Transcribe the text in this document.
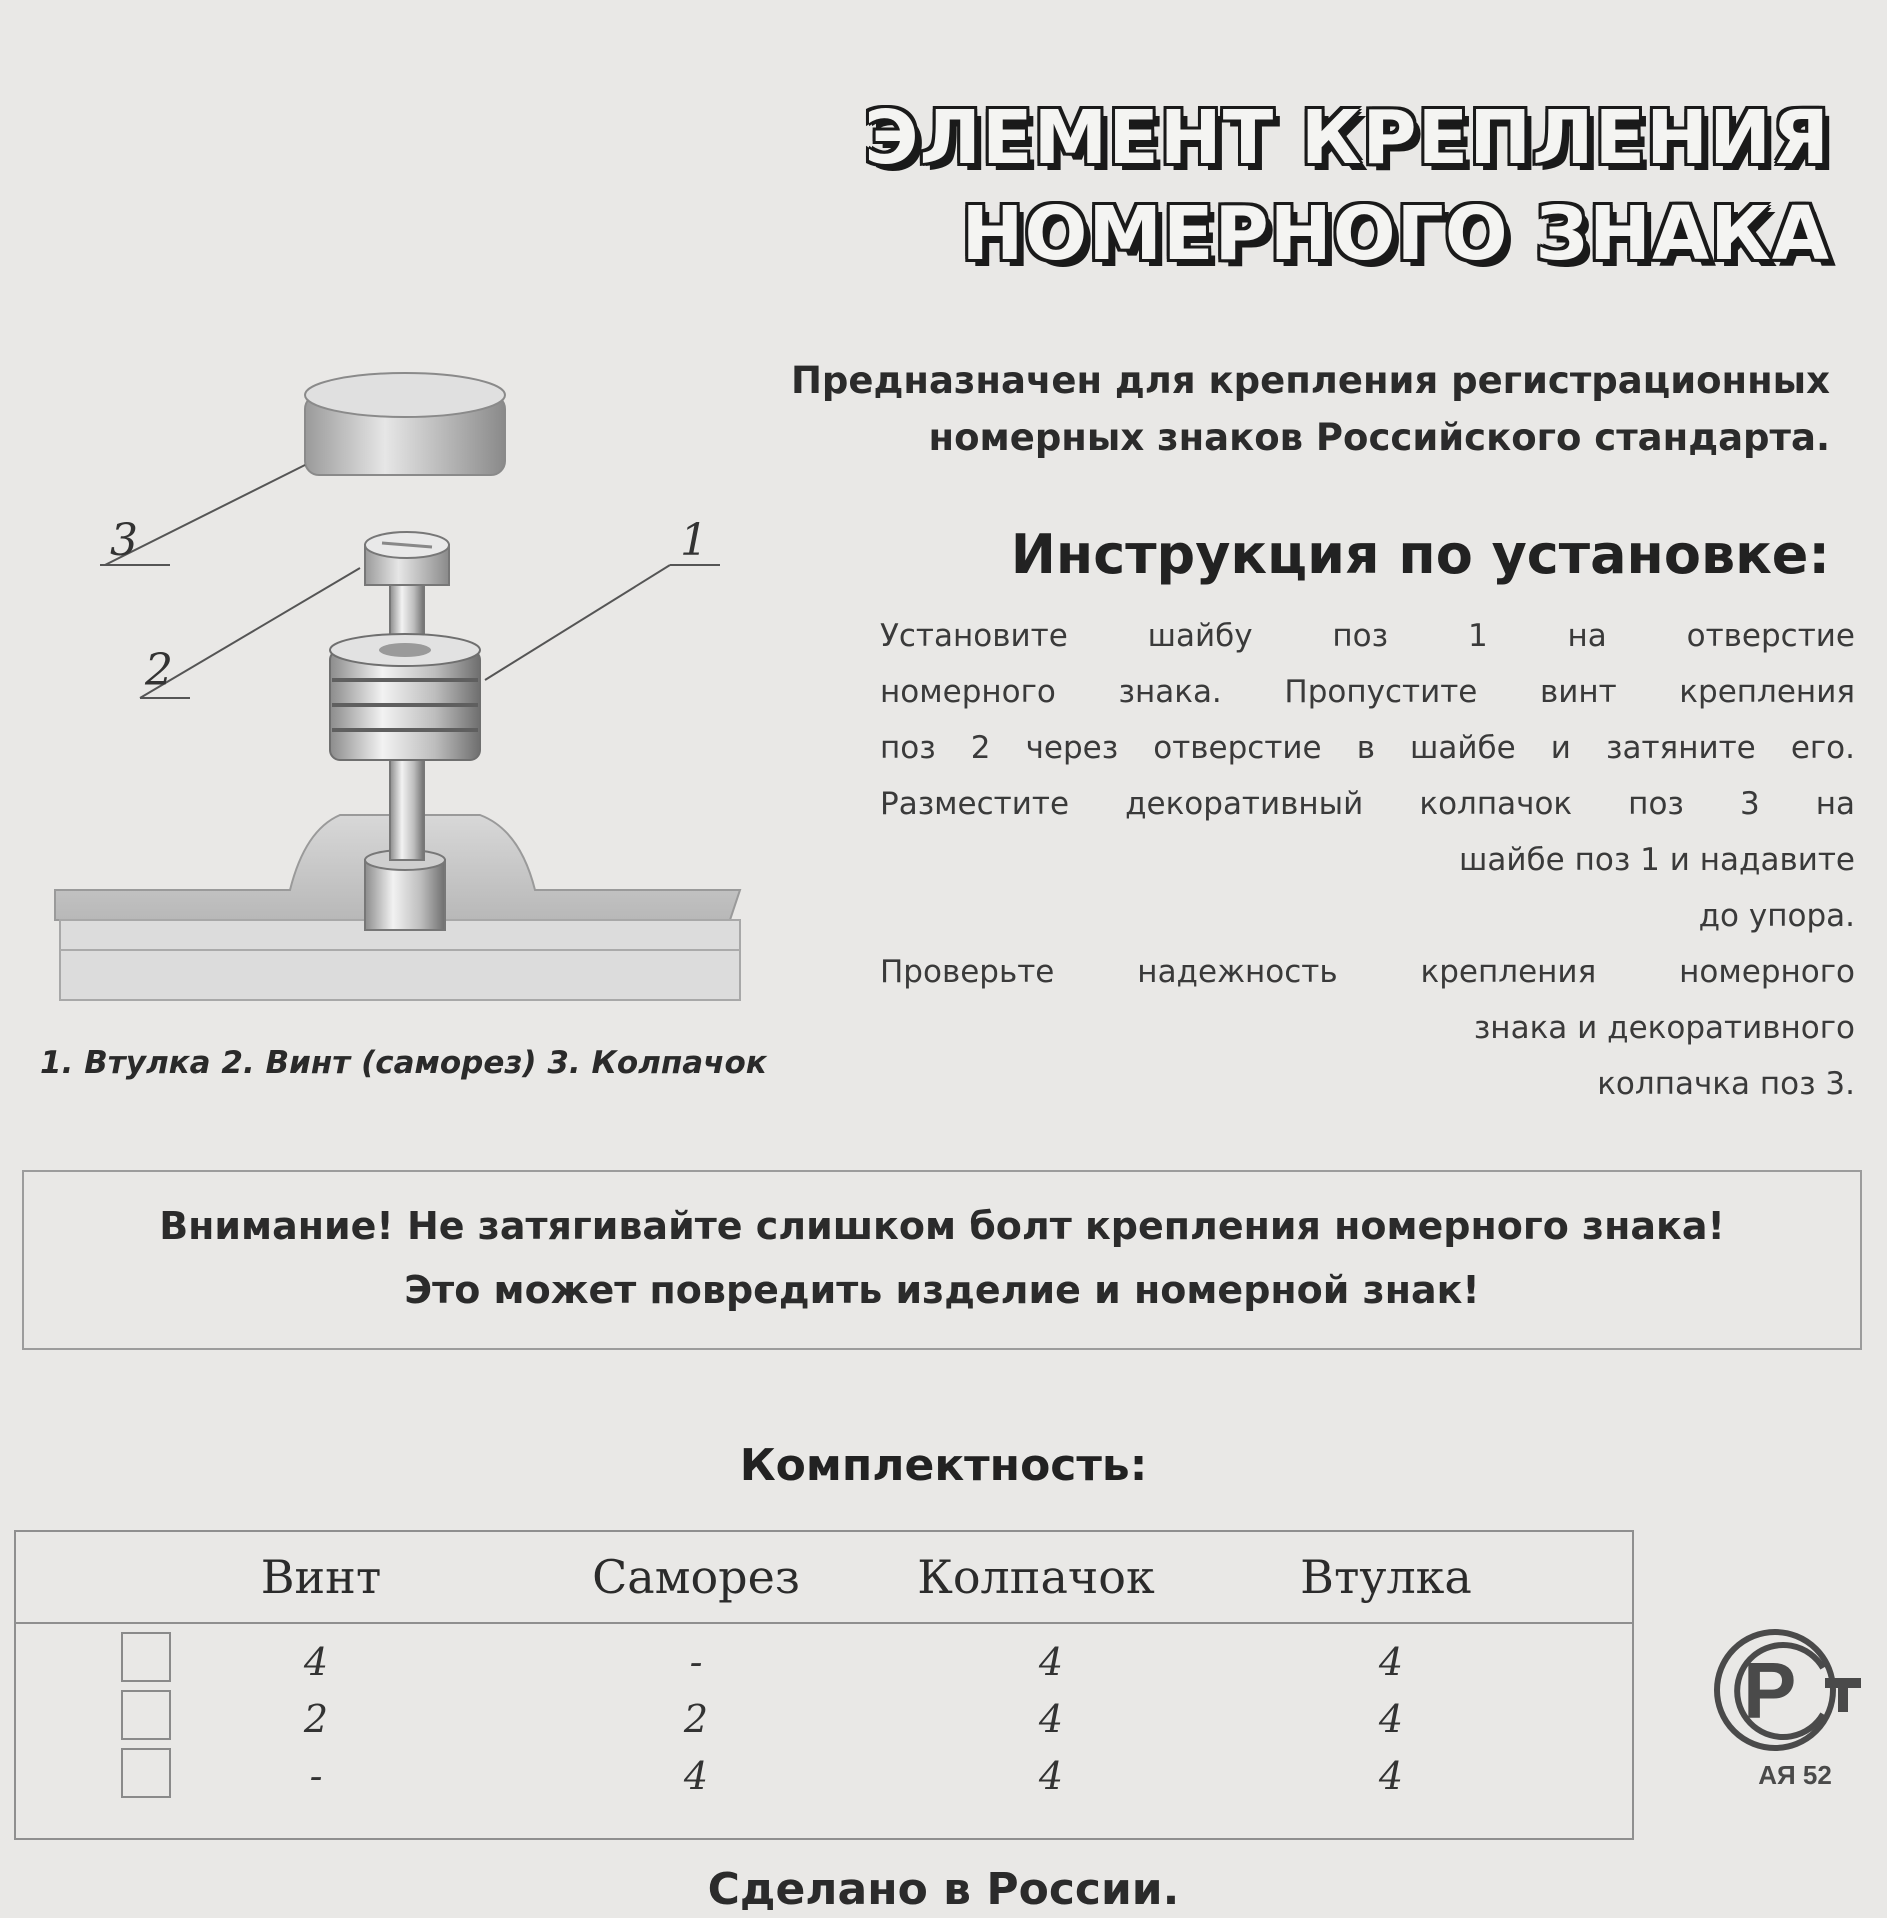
ЭЛЕМЕНТ КРЕПЛЕНИЯ
НОМЕРНОГО ЗНАКА

Предназначен для крепления регистрационных
номерных знаков Российского стандарта.

3
2
1
1. Втулка 2. Винт (саморез) 3. Колпачок
Инструкция по установке:
Установите шайбу поз 1 на отверстие
номерного знака. Пропустите винт крепления
поз 2 через отверстие в шайбе и затяните его.
Разместите декоративный колпачок поз 3 на
шайбе поз 1 и надавите
до упора.
Проверьте надежность крепления номерного
знака и декоративного
колпачка поз 3.
Внимание! Не затягивайте слишком болт крепления номерного знака!
Это может повредить изделие и номерной знак!
Комплектность:
Винт	Саморез	Колпачок	Втулка
4	-	4	4
2	2	4	4
-	4	4	4
Р
АЯ 52
Сделано в России.
